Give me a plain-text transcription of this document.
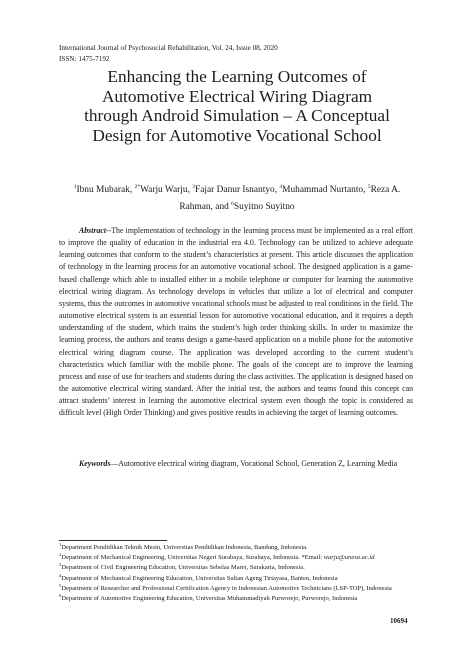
International Journal of Psychosocial Rehabilitation, Vol. 24, Issue 08, 2020
ISSN: 1475-7192
Enhancing the Learning Outcomes of
Automotive Electrical Wiring Diagram
through Android Simulation – A Conceptual
Design for Automotive Vocational School
$^1$Ibnu Mubarak, $^{2*}$Warju Warju, $^3$Fajar Danur Isnantyo, $^4$Muhammad Nurtanto, $^5$Reza A. Rahman, and $^6$Suyitno Suyitno
Abstract--The implementation of technology in the learning process must be implemented as a real effort to improve the quality of education in the industrial era 4.0. Technology can be utilized to achieve adequate learning outcomes that conform to the student’s characteristics at present. This article discusses the application of technology in the learning process for an automotive vocational school. The designed application is a game-based challenge which able to installed either in a mobile telephone or computer for learning the automotive electrical wiring diagram. As technology develops in vehicles that utilize a lot of electrical and computer systems, thus the outcomes in automotive vocational schools must be adjusted to real conditions in the field. The automotive electrical system is an essential lesson for automotive vocational education, and it requires a depth understanding of the student, which trains the student’s high order thinking skills. In order to maximize the learning process, the authors and teams design a game-based application on a mobile phone for the automotive electrical wiring diagram course. The application was developed according to the current student’s characteristics which familiar with the mobile phone. The goals of the concept are to improve the learning process and ease of use for teachers and students during the class activities. The application is designed based on the automotive electrical wiring standard. After the initial test, the authors and teams found this concept can attract students’ interest in learning the automotive electrical system even though the topic is considered as difficult level (High Order Thinking) and gives positive results in achieving the target of learning outcomes.
Keywords—Automotive electrical wiring diagram, Vocational School, Generation Z, Learning Media
$^1$Department Pendidikan Teknik Mesin, Universitas Pendidikan Indonesia, Bandung, Indonesia.
$^2$Department of Mechanical Engineering, Universitas Negeri Surabaya, Surabaya, Indonesia. *Email: warju@unesa.ac.id
$^3$Department of Civil Engineering Education, Universitas Sebelas Maret, Surakarta, Indonesia.
$^4$Department of Mechanical Engineering Education, Universitas Sultan Ageng Tirtayasa, Banten, Indonesia
$^5$Department of Researcher and Professional Certification Agency in Indonesian Automotive Technicians (LSP-TOP), Indonesia
$^6$Department of Automotive Engineering Education, Universitas Muhammadiyah Purworejo, Purworejo, Indonesia
10694
